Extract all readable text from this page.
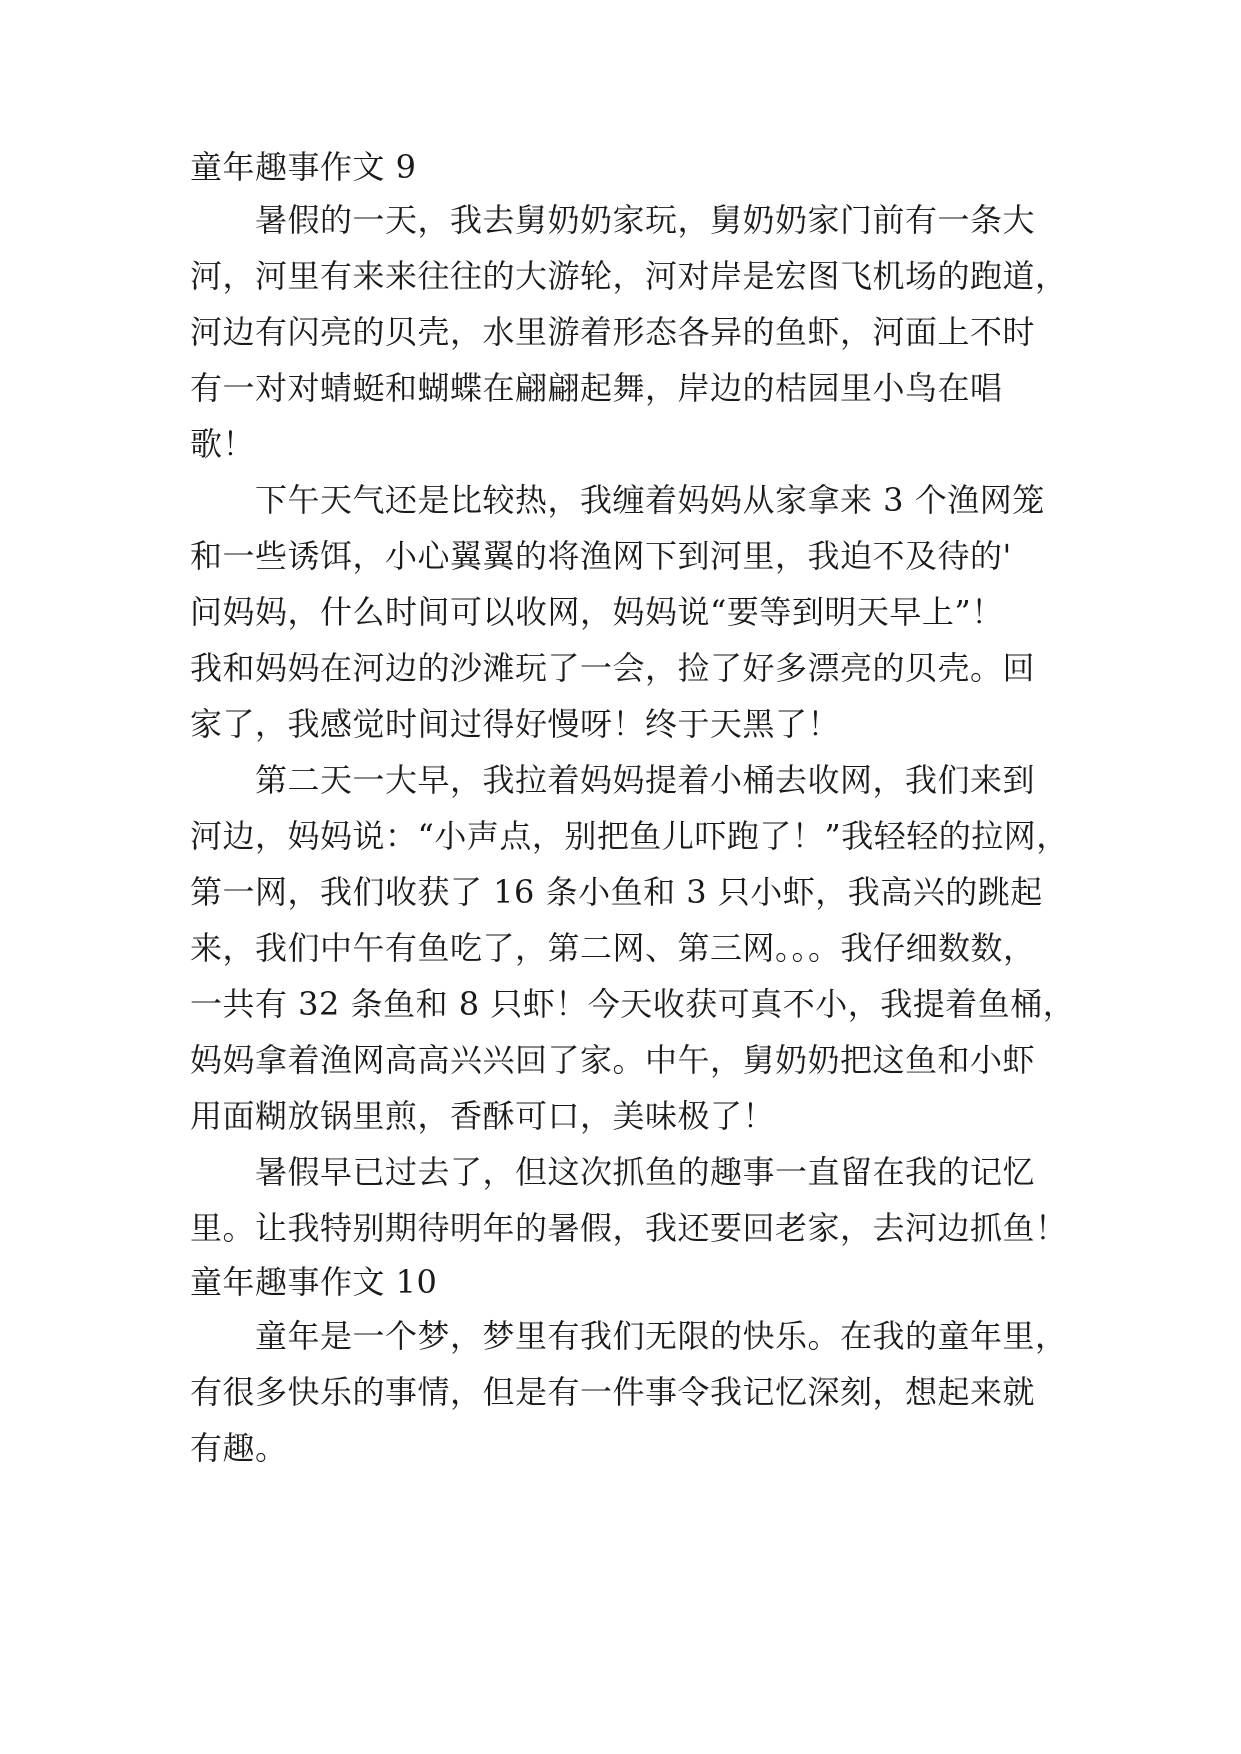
童年趣事作文 9
暑假的一天，我去舅奶奶家玩，舅奶奶家门前有一条大
河，河里有来来往往的大游轮，河对岸是宏图飞机场的跑道，
河边有闪亮的贝壳，水里游着形态各异的鱼虾，河面上不时
有一对对蜻蜓和蝴蝶在翩翩起舞，岸边的桔园里小鸟在唱
歌！
下午天气还是比较热，我缠着妈妈从家拿来 3 个渔网笼
和一些诱饵，小心翼翼的将渔网下到河里，我迫不及待的'
问妈妈，什么时间可以收网，妈妈说“要等到明天早上”！
我和妈妈在河边的沙滩玩了一会，捡了好多漂亮的贝壳。回
家了，我感觉时间过得好慢呀！终于天黑了！
第二天一大早，我拉着妈妈提着小桶去收网，我们来到
河边，妈妈说：“小声点，别把鱼儿吓跑了！”我轻轻的拉网，
第一网，我们收获了 16 条小鱼和 3 只小虾，我高兴的跳起
来，我们中午有鱼吃了，第二网、第三网。。。我仔细数数，
一共有 32 条鱼和 8 只虾！今天收获可真不小，我提着鱼桶，
妈妈拿着渔网高高兴兴回了家。中午，舅奶奶把这鱼和小虾
用面糊放锅里煎，香酥可口，美味极了！
暑假早已过去了，但这次抓鱼的趣事一直留在我的记忆
里。让我特别期待明年的暑假，我还要回老家，去河边抓鱼！
童年趣事作文 10
童年是一个梦，梦里有我们无限的快乐。在我的童年里，
有很多快乐的事情，但是有一件事令我记忆深刻，想起来就
有趣。
